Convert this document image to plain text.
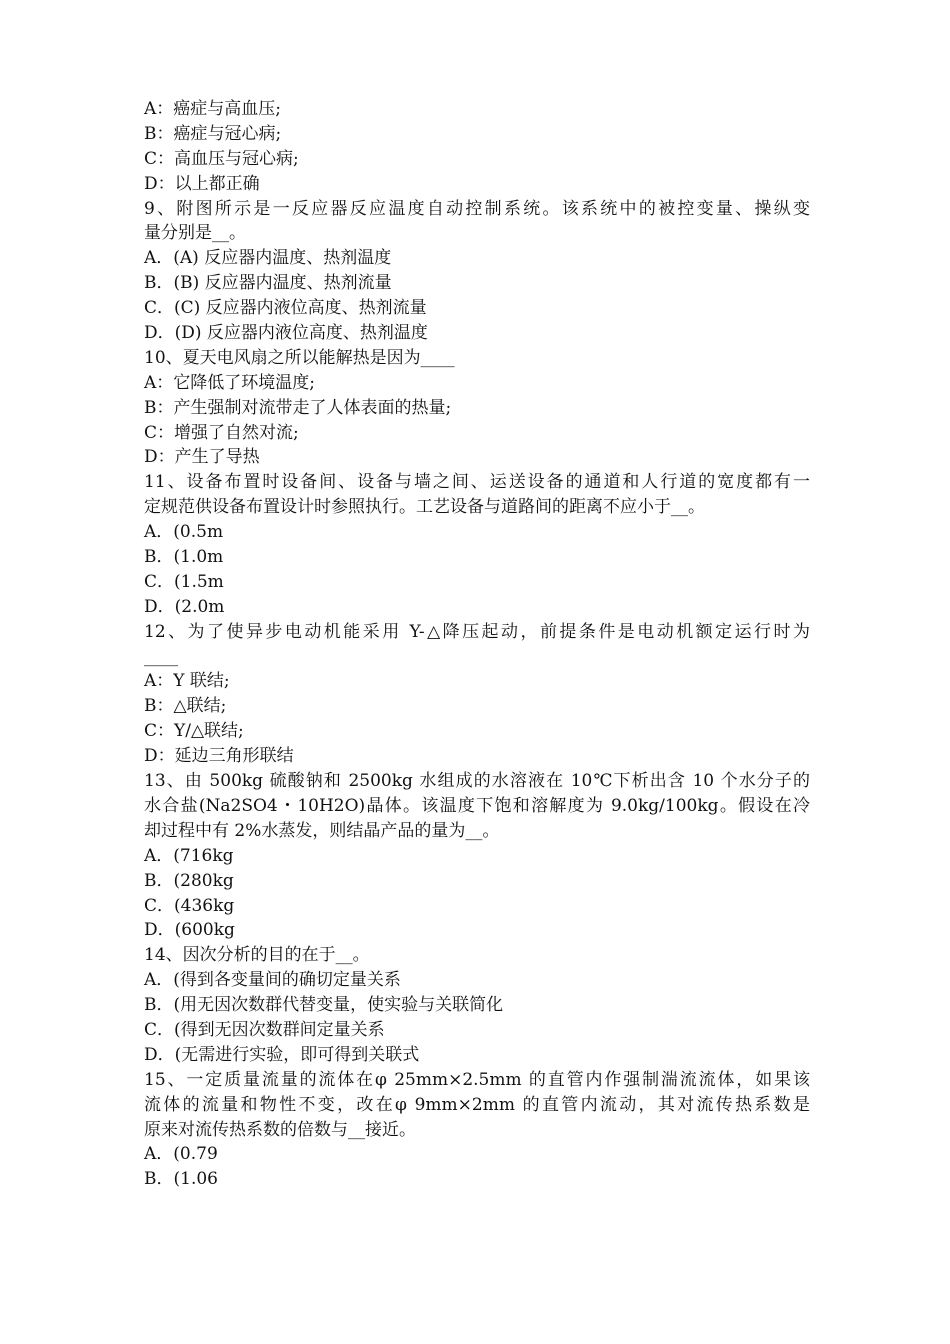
A：癌症与高血压;
B：癌症与冠心病;
C：高血压与冠心病;
D：以上都正确
9、附图所示是一反应器反应温度自动控制系统。该系统中的被控变量、操纵变
量分别是__。
A．(A) 反应器内温度、热剂温度
B．(B) 反应器内温度、热剂流量
C．(C) 反应器内液位高度、热剂流量
D．(D) 反应器内液位高度、热剂温度
10、夏天电风扇之所以能解热是因为____
A：它降低了环境温度;
B：产生强制对流带走了人体表面的热量;
C：增强了自然对流;
D：产生了导热
11、设备布置时设备间、设备与墙之间、运送设备的通道和人行道的宽度都有一
定规范供设备布置设计时参照执行。工艺设备与道路间的距离不应小于__。
A．(0.5m
B．(1.0m
C．(1.5m
D．(2.0m
12、为了使异步电动机能采用 Y-△降压起动，前提条件是电动机额定运行时为
____
A：Y 联结;
B：△联结;
C：Y/△联结;
D：延边三角形联结
13、由 500kg 硫酸钠和 2500kg 水组成的水溶液在 10℃下析出含 10 个水分子的
水合盐(Na2SO4・10H2O)晶体。该温度下饱和溶解度为 9.0kg/100kg。假设在冷
却过程中有 2%水蒸发，则结晶产品的量为__。
A．(716kg
B．(280kg
C．(436kg
D．(600kg
14、因次分析的目的在于__。
A．(得到各变量间的确切定量关系
B．(用无因次数群代替变量，使实验与关联简化
C．(得到无因次数群间定量关系
D．(无需进行实验，即可得到关联式
15、一定质量流量的流体在φ 25mm×2.5mm 的直管内作强制湍流流体，如果该
流体的流量和物性不变，改在φ 9mm×2mm 的直管内流动，其对流传热系数是
原来对流传热系数的倍数与__接近。
A．(0.79
B．(1.06
